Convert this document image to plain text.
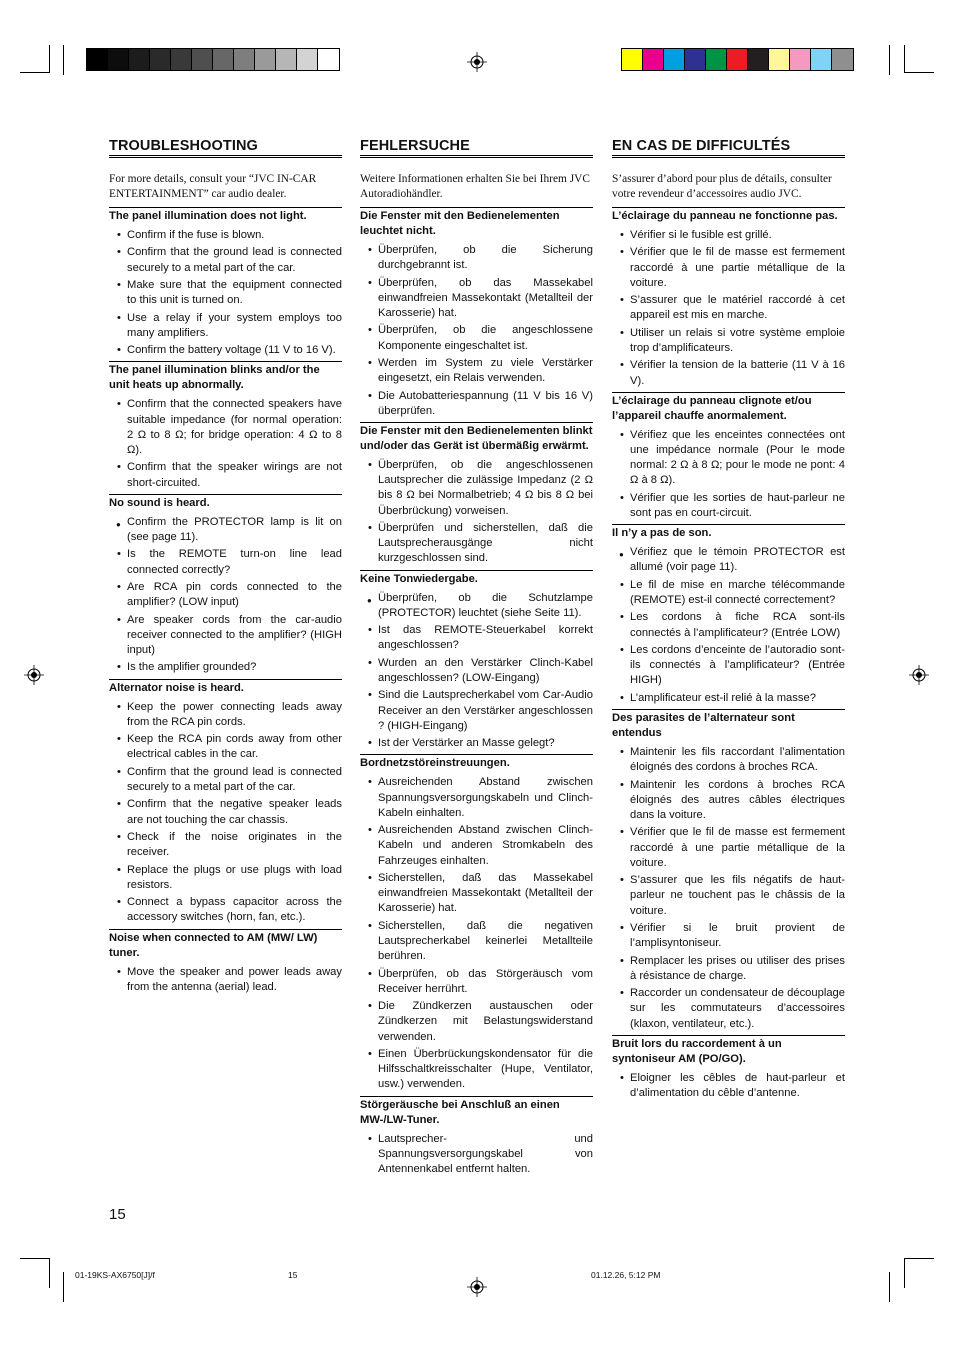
TROUBLESHOOTING
For more details, consult your “JVC IN-CAR ENTERTAINMENT” car audio dealer.
The panel illumination does not light.
• Confirm if the fuse is blown.
• Confirm that the ground lead is connected securely to a metal part of the car.
• Make sure that the equipment connected to this unit is turned on.
• Use a relay if your system employs too many amplifiers.
• Confirm the battery voltage (11 V to 16 V).
The panel illumination blinks and/or the unit heats up abnormally.
• Confirm that the connected speakers have suitable impedance (for normal operation: 2 Ω to 8 Ω; for bridge operation: 4 Ω to 8 Ω).
• Confirm that the speaker wirings are not short-circuited.
No sound is heard.
● Confirm the PROTECTOR lamp is lit on (see page 11).
• Is the REMOTE turn-on line lead connected correctly?
• Are RCA pin cords connected to the amplifier? (LOW input)
• Are speaker cords from the car-audio receiver connected to the amplifier? (HIGH input)
• Is the amplifier grounded?
Alternator noise is heard.
• Keep the power connecting leads away from the RCA pin cords.
• Keep the RCA pin cords away from other electrical cables in the car.
• Confirm that the ground lead is connected securely to a metal part of the car.
• Confirm that the negative speaker leads are not touching the car chassis.
• Check if the noise originates in the receiver.
• Replace the plugs or use plugs with load resistors.
• Connect a bypass capacitor across the accessory switches (horn, fan, etc.).
Noise when connected to AM (MW/ LW) tuner.
• Move the speaker and power leads away from the antenna (aerial) lead.
FEHLERSUCHE
Weitere Informationen erhalten Sie bei Ihrem JVC Autoradiohändler.
Die Fenster mit den Bedienelementen leuchtet nicht.
• Überprüfen, ob die Sicherung durchgebrannt ist.
• Überprüfen, ob das Massekabel einwandfreien Massekontakt (Metallteil der Karosserie) hat.
• Überprüfen, ob die angeschlossene Komponente eingeschaltet ist.
• Werden im System zu viele Verstärker eingesetzt, ein Relais verwenden.
• Die Autobatteriespannung (11 V bis 16 V) überprüfen.
Die Fenster mit den Bedienelementen blinkt und/oder das Gerät ist übermäßig erwärmt.
• Überprüfen, ob die angeschlossenen Lautsprecher die zulässige Impedanz (2 Ω bis 8 Ω bei Normalbetrieb; 4 Ω bis 8 Ω bei Überbrückung) vorweisen.
• Überprüfen und sicherstellen, daß die Lautsprecherausgänge nicht kurzgeschlossen sind.
Keine Tonwiedergabe.
● Überprüfen, ob die Schutzlampe (PROTECTOR) leuchtet (siehe Seite 11).
• Ist das REMOTE-Steuerkabel korrekt angeschlossen?
• Wurden an den Verstärker Clinch-Kabel angeschlossen? (LOW-Eingang)
• Sind die Lautsprecherkabel vom Car-Audio Receiver an den Verstärker angeschlossen ? (HIGH-Eingang)
• Ist der Verstärker an Masse gelegt?
Bordnetzstöreinstreuungen.
• Ausreichenden Abstand zwischen Spannungsversorgungskabeln und Clinch-Kabeln einhalten.
• Ausreichenden Abstand zwischen Clinch-Kabeln und anderen Stromkabeln des Fahrzeuges einhalten.
• Sicherstellen, daß das Massekabel einwandfreien Massekontakt (Metallteil der Karosserie) hat.
• Sicherstellen, daß die negativen Lautsprecherkabel keinerlei Metallteile berühren.
• Überprüfen, ob das Störgeräusch vom Receiver herrührt.
• Die Zündkerzen austauschen oder Zündkerzen mit Belastungswiderstand verwenden.
• Einen Überbrückungskondensator für die Hilfsschaltkreisschalter (Hupe, Ventilator, usw.) verwenden.
Störgeräusche bei Anschluß an einen MW-/LW-Tuner.
• Lautsprecher- und Spannungsversorgungskabel von Antennenkabel entfernt halten.
EN CAS DE DIFFICULTÉS
S’assurer d’abord pour plus de détails, consulter votre revendeur d’accessoires audio JVC.
L’éclairage du panneau ne fonctionne pas.
• Vérifier si le fusible est grillé.
• Vérifier que le fil de masse est fermement raccordé à une partie métallique de la voiture.
• S’assurer que le matériel raccordé à cet appareil est mis en marche.
• Utiliser un relais si votre système emploie trop d’amplificateurs.
• Vérifier la tension de la batterie (11 V à 16 V).
L’éclairage du panneau clignote et/ou l’appareil chauffe anormalement.
• Vérifiez que les enceintes connectées ont une impédance normale (Pour le mode normal: 2 Ω à 8 Ω; pour le mode ne pont: 4 Ω à 8 Ω).
• Vérifier que les sorties de haut-parleur ne sont pas en court-circuit.
Il n’y a pas de son.
● Vérifiez que le témoin PROTECTOR est allumé (voir page 11).
• Le fil de mise en marche télécommande (REMOTE) est-il connecté correctement?
• Les cordons à fiche RCA sont-ils connectés à l’amplificateur? (Entrée LOW)
• Les cordons d’enceinte de l’autoradio sont-ils connectés à l’amplificateur? (Entrée HIGH)
• L’amplificateur est-il relié à la masse?
Des parasites de l’alternateur sont entendus
• Maintenir les fils raccordant l’alimentation éloignés des cordons à broches RCA.
• Maintenir les cordons à broches RCA éloignés des autres câbles électriques dans la voiture.
• Vérifier que le fil de masse est fermement raccordé à une partie métallique de la voiture.
• S’assurer que les fils négatifs de haut-parleur ne touchent pas le châssis de la voiture.
• Vérifier si le bruit provient de l’amplisyntoniseur.
• Remplacer les prises ou utiliser des prises à résistance de charge.
• Raccorder un condensateur de découplage sur les commutateurs d’accessoires (klaxon, ventilateur, etc.).
Bruit lors du raccordement à un syntoniseur AM (PO/GO).
• Eloigner les cêbles de haut-parleur et d’alimentation du cêble d’antenne.
15
01-19KS-AX6750[J]/f	15	01.12.26, 5:12 PM
